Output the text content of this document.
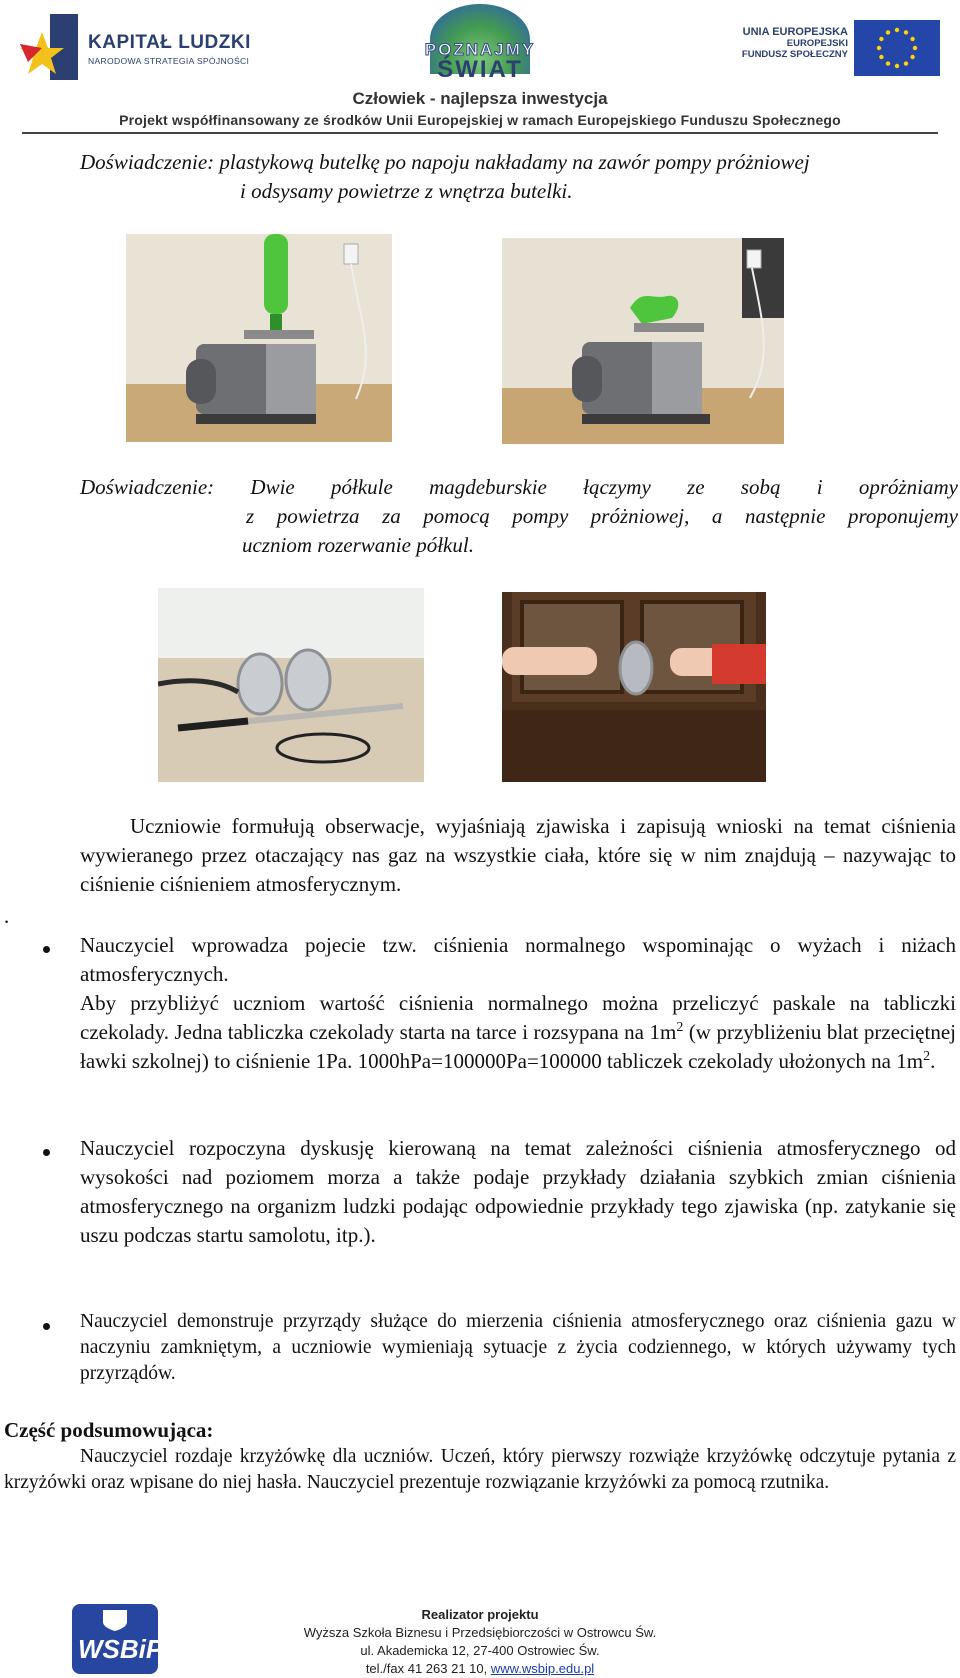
KAPITAŁ LUDZKI
NARODOWA STRATEGIA SPÓJNOŚCI
POZNAJMY
ŚWIAT
UNIA EUROPEJSKA
EUROPEJSKI
FUNDUSZ SPOŁECZNY
Człowiek - najlepsza inwestycja
Projekt współfinansowany ze środków Unii Europejskiej w ramach Europejskiego Funduszu Społecznego
Doświadczenie: plastykową butelkę po napoju nakładamy na zawór pompy próżniowej
i odsysamy powietrze z wnętrza butelki.
Doświadczenie: Dwie półkule magdeburskie łączymy ze sobą i opróżniamy
z powietrza za pomocą pompy próżniowej, a następnie proponujemy
uczniom rozerwanie półkul.
Uczniowie formułują obserwacje, wyjaśniają zjawiska i zapisują wnioski na temat ciśnienia wywieranego przez otaczający nas gaz na wszystkie ciała, które się w nim znajdują – nazywając to ciśnienie ciśnieniem atmosferycznym.
.
Nauczyciel wprowadza pojecie tzw. ciśnienia normalnego wspominając o wyżach i niżach atmosferycznych.
Aby przybliżyć uczniom wartość ciśnienia normalnego można przeliczyć paskale na tabliczki czekolady. Jedna tabliczka czekolady starta na tarce i rozsypana na $1m^2$ (w przybliżeniu blat przeciętnej ławki szkolnej) to ciśnienie 1Pa. 1000hPa=100000Pa=100000 tabliczek czekolady ułożonych na $1m^2$.
Nauczyciel rozpoczyna dyskusję kierowaną na temat zależności ciśnienia atmosferycznego od wysokości nad poziomem morza a także podaje przykłady działania szybkich zmian ciśnienia atmosferycznego na organizm ludzki podając odpowiednie przykłady tego zjawiska (np. zatykanie się uszu podczas startu samolotu, itp.).
Nauczyciel demonstruje przyrządy służące do mierzenia ciśnienia atmosferycznego oraz ciśnienia gazu w naczyniu zamkniętym, a uczniowie wymieniają sytuacje z życia codziennego, w których używamy tych przyrządów.
Część podsumowująca:
Nauczyciel rozdaje krzyżówkę dla uczniów. Uczeń, który pierwszy rozwiąże krzyżówkę odczytuje pytania z krzyżówki oraz wpisane do niej hasła. Nauczyciel prezentuje rozwiązanie krzyżówki za pomocą rzutnika.
WSBiP
Realizator projektu
Wyższa Szkoła Biznesu i Przedsiębiorczości w Ostrowcu Św.
ul. Akademicka 12, 27-400 Ostrowiec Św.
tel./fax 41 263 21 10, www.wsbip.edu.pl
